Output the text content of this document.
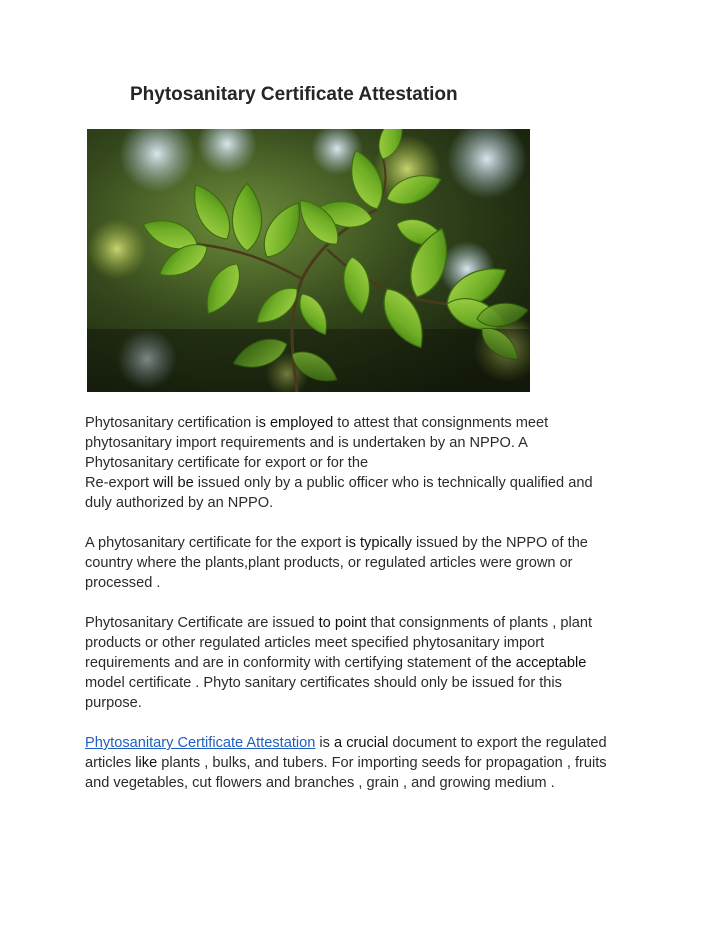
Phytosanitary Certificate Attestation

Phytosanitary certification is employed to attest that consignments meet
phytosanitary import requirements and is undertaken by an NPPO. A
Phytosanitary certificate for export or for the
Re-export will be issued only by a public officer who is technically qualified and
duly authorized by an NPPO.

A phytosanitary certificate for the export is typically issued by the NPPO of the
country where the plants,plant products, or regulated articles were grown or
processed .

Phytosanitary Certificate are issued to point that consignments of plants , plant
products or other regulated articles meet specified phytosanitary import
requirements and are in conformity with certifying statement of the acceptable
model certificate . Phyto sanitary certificates should only be issued for this
purpose.

Phytosanitary Certificate Attestation is a crucial document to export the regulated
articles like plants , bulks, and tubers. For importing seeds for propagation , fruits
and vegetables, cut flowers and branches , grain , and growing medium .
